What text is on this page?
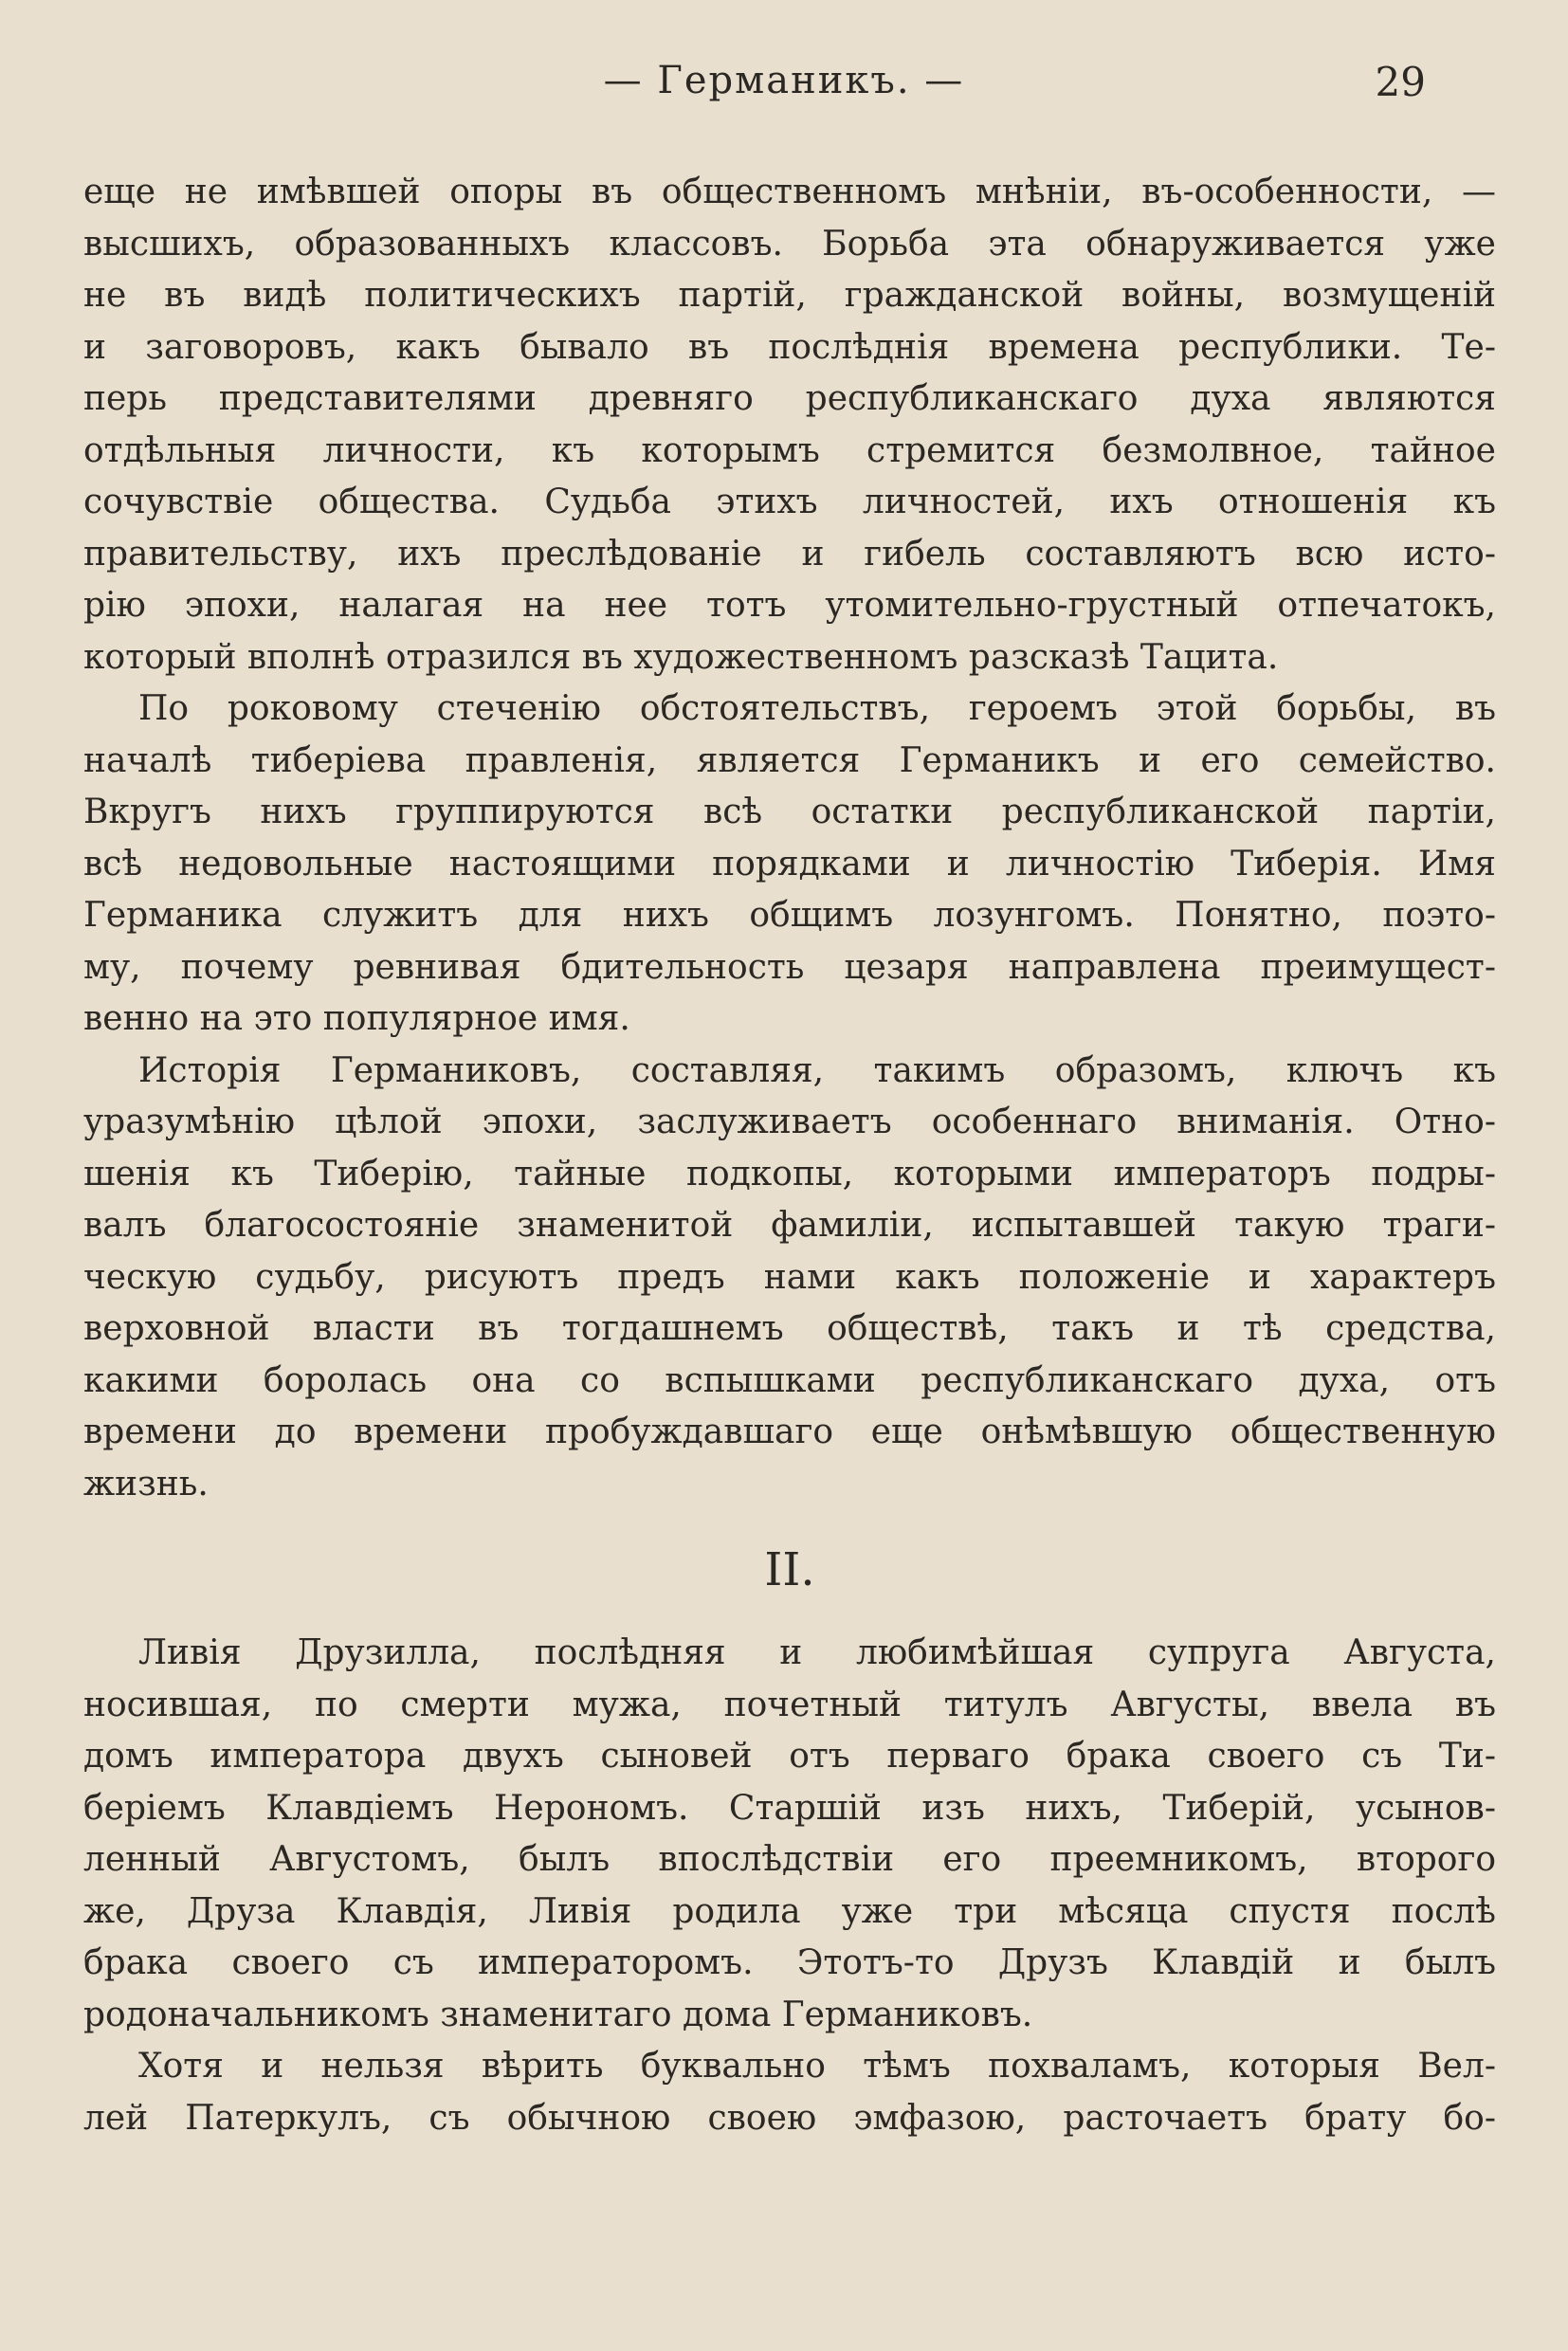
— Германикъ. —	29
еще не имѣвшей опоры въ общественномъ мнѣніи, въ-особенности, —
высшихъ, образованныхъ классовъ. Борьба эта обнаруживается уже
не въ видѣ политическихъ партій, гражданской войны, возмущеній
и заговоровъ, какъ бывало въ послѣднія времена республики. Те-
перь представителями древняго республиканскаго духа являются
отдѣльныя личности, къ которымъ стремится безмолвное, тайное
сочувствіе общества. Судьба этихъ личностей, ихъ отношенія къ
правительству, ихъ преслѣдованіе и гибель составляютъ всю исто-
рію эпохи, налагая на нее тотъ утомительно-грустный отпечатокъ,
который вполнѣ отразился въ художественномъ разсказѣ Тацита.
По роковому стеченію обстоятельствъ, героемъ этой борьбы, въ
началѣ тиберіева правленія, является Германикъ и его семейство.
Вкругъ нихъ группируются всѣ остатки республиканской партіи,
всѣ недовольные настоящими порядками и личностію Тиберія. Имя
Германика служитъ для нихъ общимъ лозунгомъ. Понятно, поэто-
му, почему ревнивая бдительность цезаря направлена преимущест-
венно на это популярное имя.
Исторія Германиковъ, составляя, такимъ образомъ, ключъ къ
уразумѣнію цѣлой эпохи, заслуживаетъ особеннаго вниманія. Отно-
шенія къ Тиберію, тайные подкопы, которыми императоръ подры-
валъ благосостояніе знаменитой фамиліи, испытавшей такую траги-
ческую судьбу, рисуютъ предъ нами какъ положеніе и характеръ
верховной власти въ тогдашнемъ обществѣ, такъ и тѣ средства,
какими боролась она со вспышками республиканскаго духа, отъ
времени до времени пробуждавшаго еще онѣмѣвшую общественную
жизнь.
II.
Ливія Друзилла, послѣдняя и любимѣйшая супруга Августа,
носившая, по смерти мужа, почетный титулъ Августы, ввела въ
домъ императора двухъ сыновей отъ перваго брака своего съ Ти-
беріемъ Клавдіемъ Нерономъ. Старшій изъ нихъ, Тиберій, усынов-
ленный Августомъ, былъ впослѣдствіи его преемникомъ, второго
же, Друза Клавдія, Ливія родила уже три мѣсяца спустя послѣ
брака своего съ императоромъ. Этотъ-то Друзъ Клавдій и былъ
родоначальникомъ знаменитаго дома Германиковъ.
Хотя и нельзя вѣрить буквально тѣмъ похваламъ, которыя Вел-
лей Патеркулъ, съ обычною своею эмфазою, расточаетъ брату бо-
